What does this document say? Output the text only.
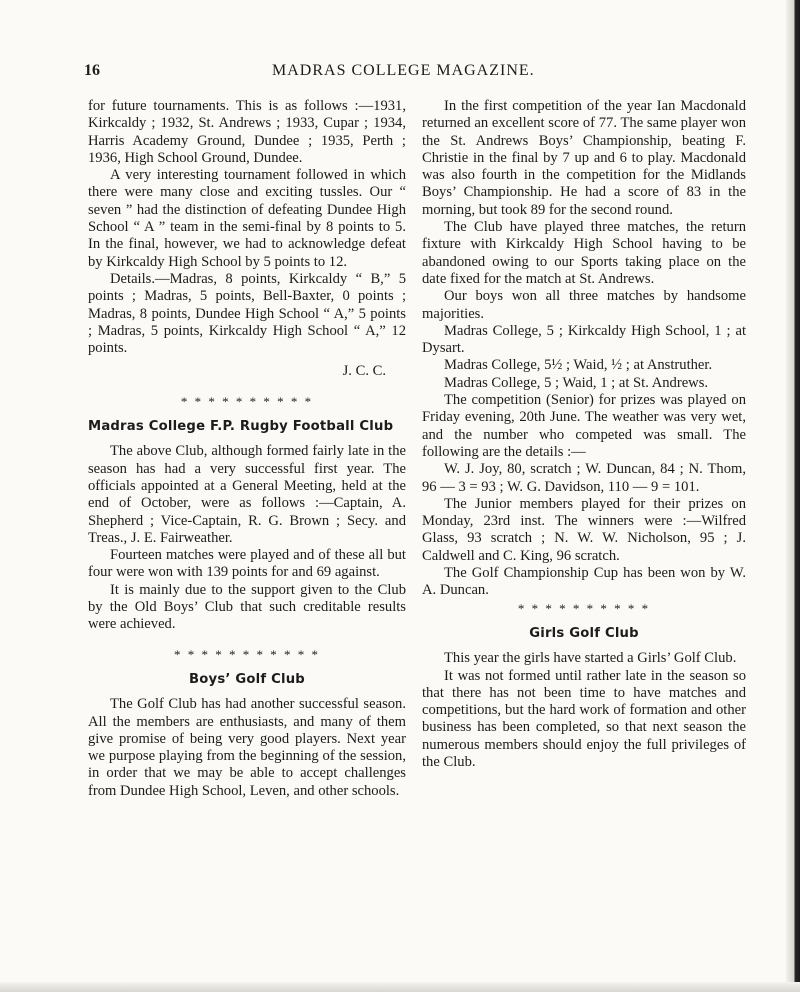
16	MADRAS COLLEGE MAGAZINE.

for future tournaments. This is as follows :—1931, Kirkcaldy ; 1932, St. Andrews ; 1933, Cupar ; 1934, Harris Academy Ground, Dundee ; 1935, Perth ; 1936, High School Ground, Dundee.

A very interesting tournament followed in which there were many close and exciting tussles. Our “ seven ” had the distinction of defeating Dundee High School “ A ” team in the semi-final by 8 points to 5. In the final, however, we had to acknowledge defeat by Kirkcaldy High School by 5 points to 12.

Details.—Madras, 8 points, Kirkcaldy “ B,” 5 points ; Madras, 5 points, Bell-Baxter, 0 points ; Madras, 8 points, Dundee High School “ A,” 5 points ; Madras, 5 points, Kirkcaldy High School “ A,” 12 points.

J. C. C.
* * * * * * * * * *
Madras College F.P. Rugby Football Club

The above Club, although formed fairly late in the season has had a very successful first year. The officials appointed at a General Meeting, held at the end of October, were as follows :—Captain, A. Shepherd ; Vice-Captain, R. G. Brown ; Secy. and Treas., J. E. Fairweather.

Fourteen matches were played and of these all but four were won with 139 points for and 69 against.

It is mainly due to the support given to the Club by the Old Boys’ Club that such creditable results were achieved.

* * * * * * * * * * *
Boys’ Golf Club

The Golf Club has had another successful season. All the members are enthusiasts, and many of them give promise of being very good players. Next year we purpose playing from the beginning of the session, in order that we may be able to accept challenges from Dundee High School, Leven, and other schools.

In the first competition of the year Ian Macdonald returned an excellent score of 77. The same player won the St. Andrews Boys’ Championship, beating F. Christie in the final by 7 up and 6 to play. Macdonald was also fourth in the competition for the Midlands Boys’ Championship. He had a score of 83 in the morning, but took 89 for the second round.

The Club have played three matches, the return fixture with Kirkcaldy High School having to be abandoned owing to our Sports taking place on the date fixed for the match at St. Andrews.

Our boys won all three matches by handsome majorities.

Madras College, 5 ; Kirkcaldy High School, 1 ; at Dysart.

Madras College, 5½ ; Waid, ½ ; at Anstruther.

Madras College, 5 ; Waid, 1 ; at St. Andrews.

The competition (Senior) for prizes was played on Friday evening, 20th June. The weather was very wet, and the number who competed was small. The following are the details :—

W. J. Joy, 80, scratch ; W. Duncan, 84 ; N. Thom, 96 — 3 = 93 ; W. G. Davidson, 110 — 9 = 101.

The Junior members played for their prizes on Monday, 23rd inst. The winners were :—Wilfred Glass, 93 scratch ; N. W. W. Nicholson, 95 ; J. Caldwell and C. King, 96 scratch.

The Golf Championship Cup has been won by W. A. Duncan.

* * * * * * * * * *
Girls Golf Club

This year the girls have started a Girls’ Golf Club.

It was not formed until rather late in the season so that there has not been time to have matches and competitions, but the hard work of formation and other business has been completed, so that next season the numerous members should enjoy the full privileges of the Club.
